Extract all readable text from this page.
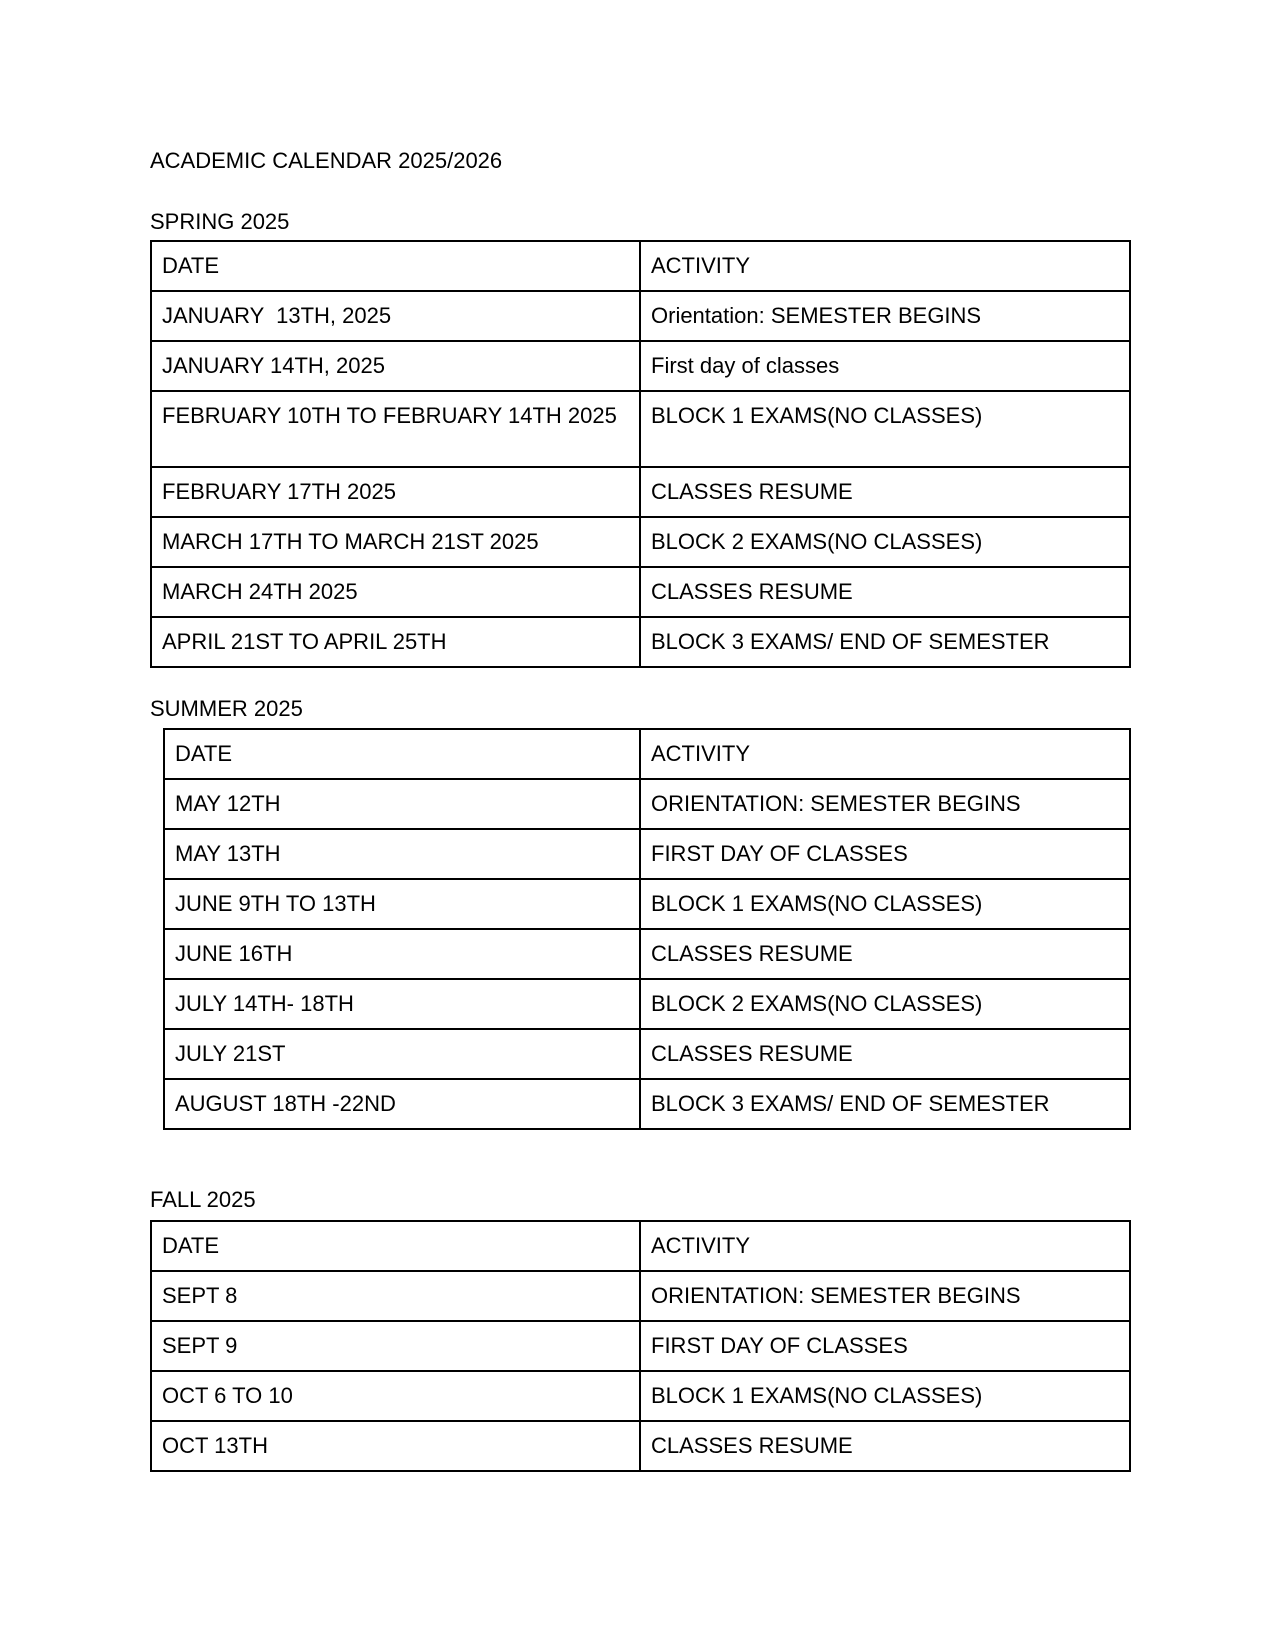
ACADEMIC CALENDAR 2025/2026
SPRING 2025
DATE	ACTIVITY
JANUARY  13TH, 2025	Orientation: SEMESTER BEGINS
JANUARY 14TH, 2025	First day of classes
FEBRUARY 10TH TO FEBRUARY 14TH 2025	BLOCK 1 EXAMS(NO CLASSES)
FEBRUARY 17TH 2025	CLASSES RESUME
MARCH 17TH TO MARCH 21ST 2025	BLOCK 2 EXAMS(NO CLASSES)
MARCH 24TH 2025	CLASSES RESUME
APRIL 21ST TO APRIL 25TH	BLOCK 3 EXAMS/ END OF SEMESTER
SUMMER 2025
DATE	ACTIVITY
MAY 12TH	ORIENTATION: SEMESTER BEGINS
MAY 13TH	FIRST DAY OF CLASSES
JUNE 9TH TO 13TH	BLOCK 1 EXAMS(NO CLASSES)
JUNE 16TH	CLASSES RESUME
JULY 14TH- 18TH	BLOCK 2 EXAMS(NO CLASSES)
JULY 21ST	CLASSES RESUME
AUGUST 18TH -22ND	BLOCK 3 EXAMS/ END OF SEMESTER
FALL 2025
DATE	ACTIVITY
SEPT 8	ORIENTATION: SEMESTER BEGINS
SEPT 9	FIRST DAY OF CLASSES
OCT 6 TO 10	BLOCK 1 EXAMS(NO CLASSES)
OCT 13TH	CLASSES RESUME
